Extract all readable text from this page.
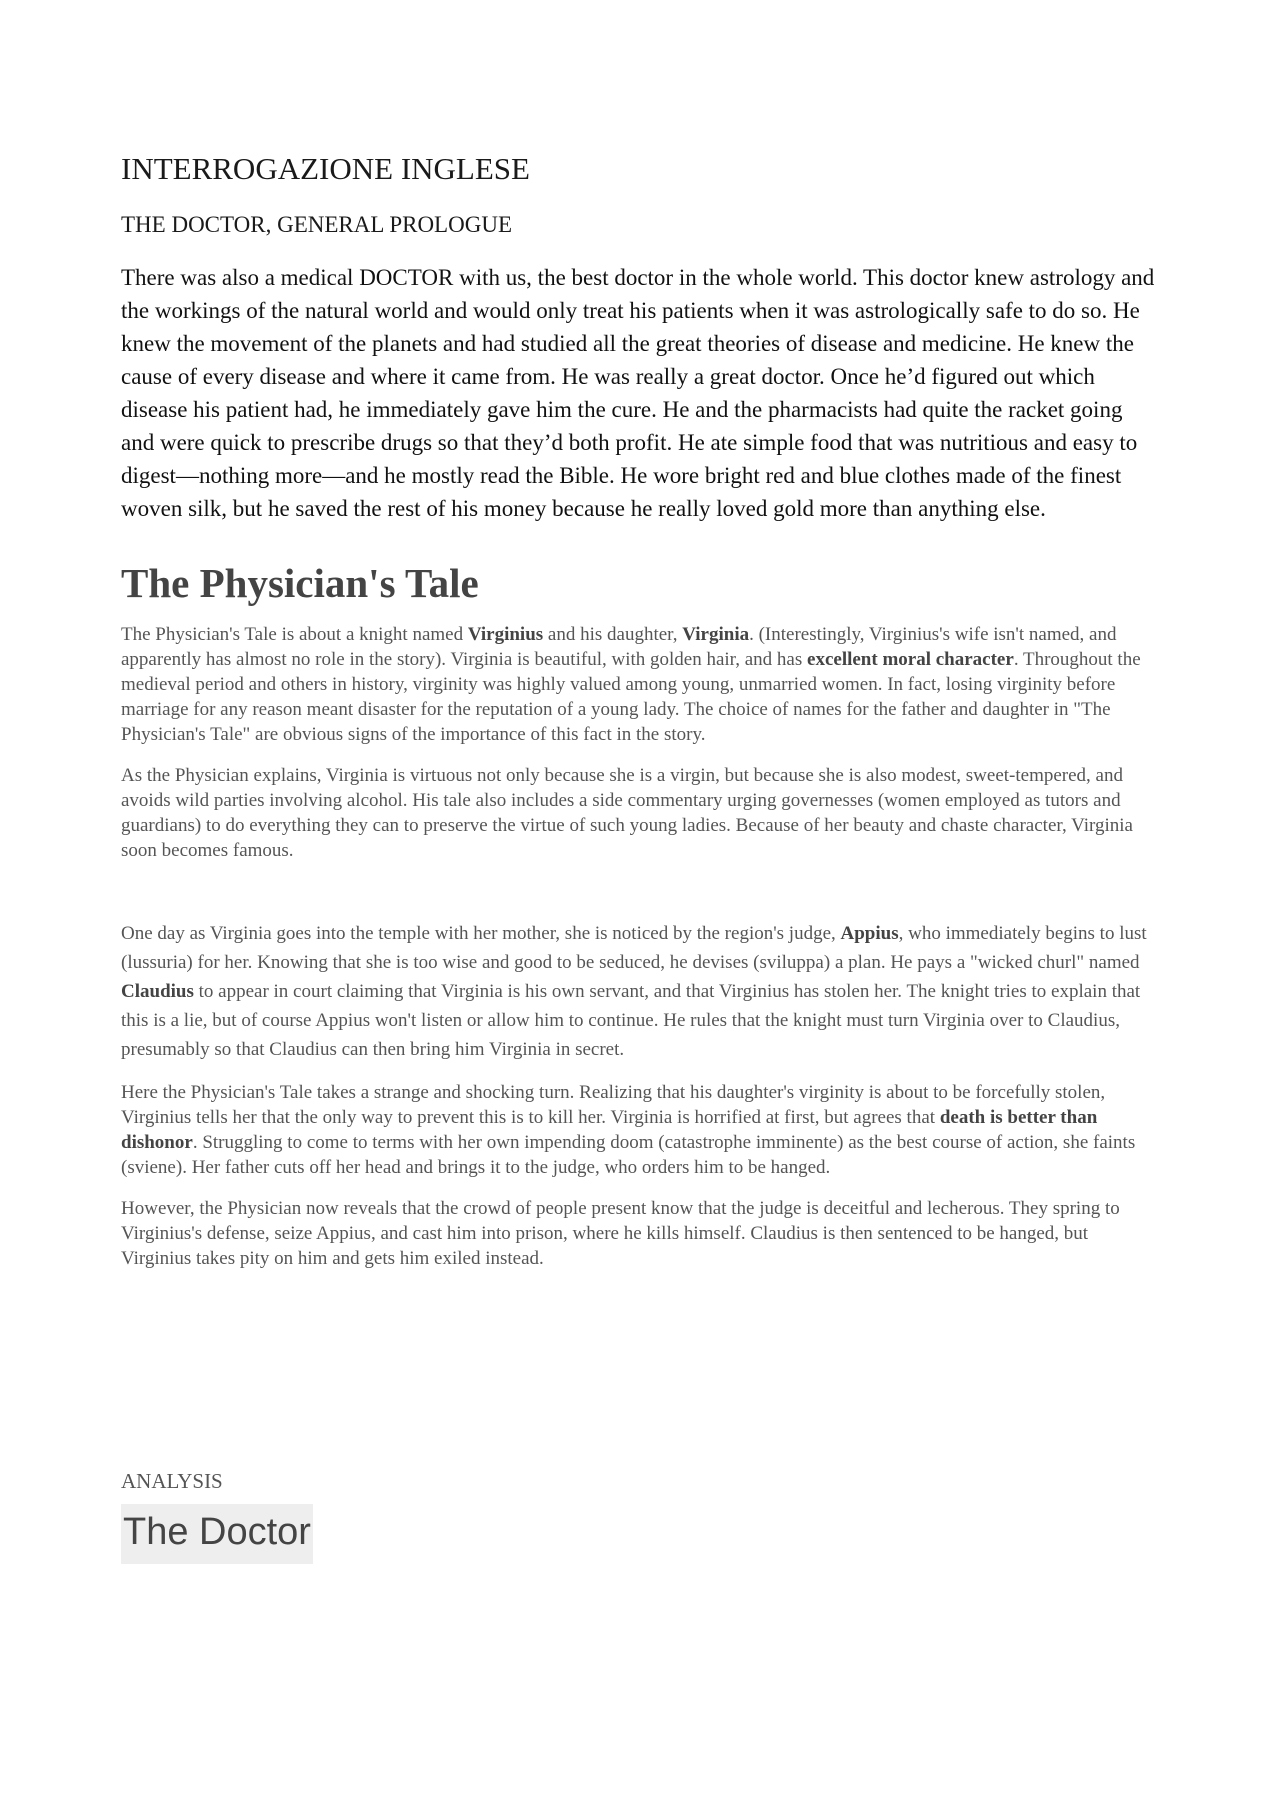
INTERROGAZIONE INGLESE
THE DOCTOR, GENERAL PROLOGUE

There was also a medical DOCTOR with us, the best doctor in the whole world. This doctor knew astrology and the workings of the natural world and would only treat his patients when it was astrologically safe to do so. He knew the movement of the planets and had studied all the great theories of disease and medicine. He knew the cause of every disease and where it came from. He was really a great doctor. Once he’d figured out which disease his patient had, he immediately gave him the cure. He and the pharmacists had quite the racket going and were quick to prescribe drugs so that they’d both profit. He ate simple food that was nutritious and easy to digest—nothing more—and he mostly read the Bible. He wore bright red and blue clothes made of the finest woven silk, but he saved the rest of his money because he really loved gold more than anything else.

The Physician's Tale

The Physician's Tale is about a knight named Virginius and his daughter, Virginia. (Interestingly, Virginius's wife isn't named, and apparently has almost no role in the story). Virginia is beautiful, with golden hair, and has excellent moral character. Throughout the medieval period and others in history, virginity was highly valued among young, unmarried women. In fact, losing virginity before marriage for any reason meant disaster for the reputation of a young lady. The choice of names for the father and daughter in "The Physician's Tale" are obvious signs of the importance of this fact in the story.

As the Physician explains, Virginia is virtuous not only because she is a virgin, but because she is also modest, sweet-tempered, and avoids wild parties involving alcohol. His tale also includes a side commentary urging governesses (women employed as tutors and guardians) to do everything they can to preserve the virtue of such young ladies. Because of her beauty and chaste character, Virginia soon becomes famous.

One day as Virginia goes into the temple with her mother, she is noticed by the region's judge, Appius, who immediately begins to lust (lussuria) for her. Knowing that she is too wise and good to be seduced, he devises (sviluppa) a plan. He pays a "wicked churl" named Claudius to appear in court claiming that Virginia is his own servant, and that Virginius has stolen her. The knight tries to explain that this is a lie, but of course Appius won't listen or allow him to continue. He rules that the knight must turn Virginia over to Claudius, presumably so that Claudius can then bring him Virginia in secret.

Here the Physician's Tale takes a strange and shocking turn. Realizing that his daughter's virginity is about to be forcefully stolen, Virginius tells her that the only way to prevent this is to kill her. Virginia is horrified at first, but agrees that death is better than dishonor. Struggling to come to terms with her own impending doom (catastrophe imminente) as the best course of action, she faints (sviene). Her father cuts off her head and brings it to the judge, who orders him to be hanged.

However, the Physician now reveals that the crowd of people present know that the judge is deceitful and lecherous. They spring to Virginius's defense, seize Appius, and cast him into prison, where he kills himself. Claudius is then sentenced to be hanged, but Virginius takes pity on him and gets him exiled instead.

ANALYSIS
The Doctor
